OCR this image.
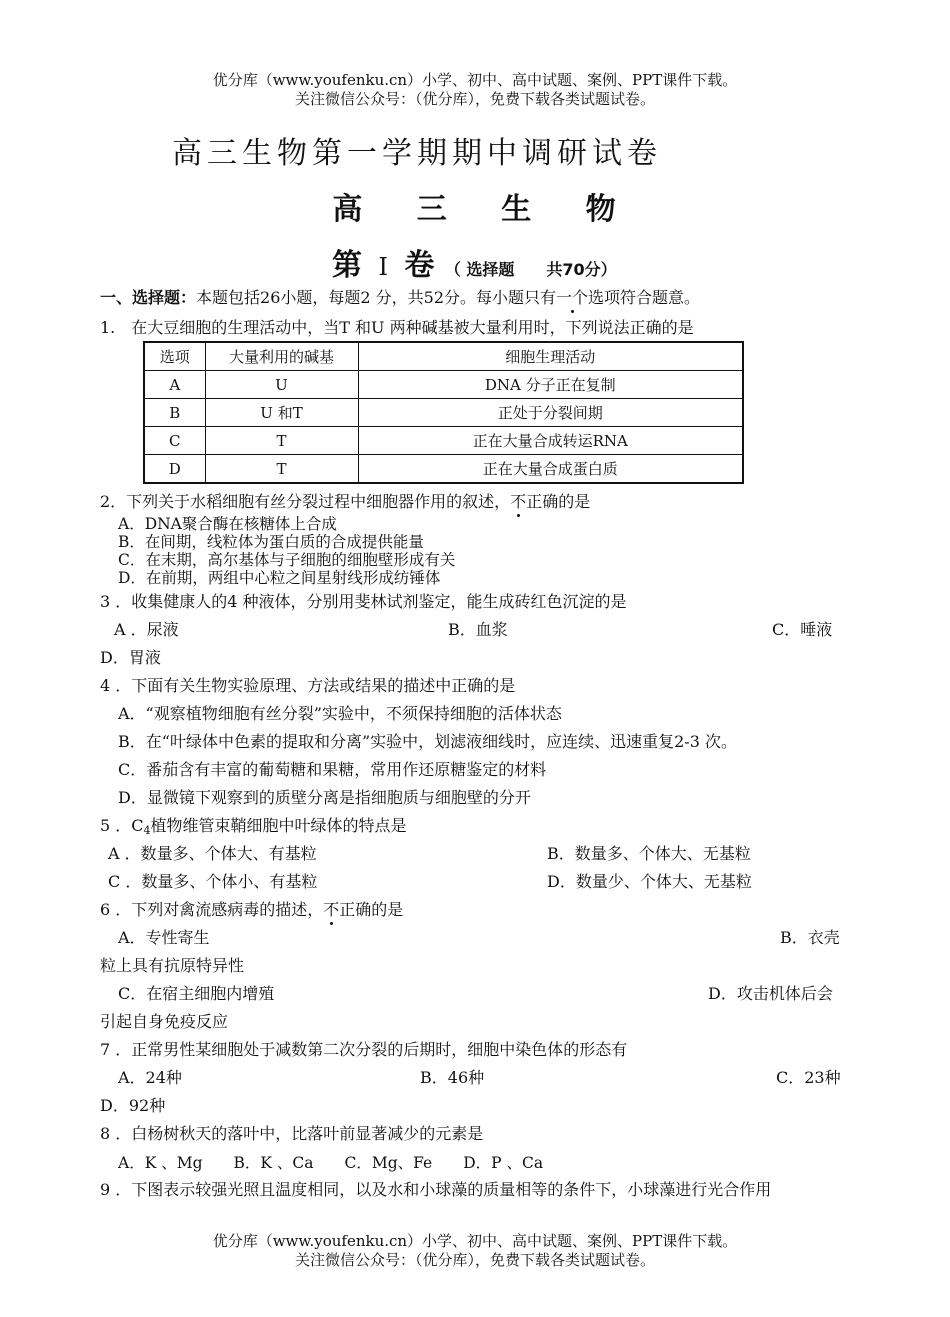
优分库（www.youfenku.cn）小学、初中、高中试题、案例、PPT课件下载。
关注微信公众号：（优分库），免费下载各类试题试卷。
高三生物第一学期期中调研试卷
高 三 生 物
第 Ⅰ 卷 （ 选择题　　共70分）
一、选择题：本题包括26小题，每题2 分，共52分。每小题只有一个选项符合题意。
1.　在大豆细胞的生理活动中，当T 和U 两种碱基被大量利用时，下列说法正确的是
选项	大量利用的碱基	细胞生理活动
A	U	DNA 分子正在复制
B	U 和T	正处于分裂间期
C	T	正在大量合成转运RNA
D	T	正在大量合成蛋白质
2．下列关于水稻细胞有丝分裂过程中细胞器作用的叙述，不正确的是
A．DNA聚合酶在核糖体上合成
B．在间期，线粒体为蛋白质的合成提供能量
C．在末期，高尔基体与子细胞的细胞壁形成有关
D．在前期，两组中心粒之间星射线形成纺锤体
3 ．收集健康人的4 种液体，分别用斐林试剂鉴定，能生成砖红色沉淀的是
A ．尿液	B．血浆	C．唾液
D．胃液
4 ．下面有关生物实验原理、方法或结果的描述中正确的是
A．“观察植物细胞有丝分裂”实验中，不须保持细胞的活体状态
B．在“叶绿体中色素的提取和分离”实验中，划滤液细线时，应连续、迅速重复2-3 次。
C．番茄含有丰富的葡萄糖和果糖，常用作还原糖鉴定的材料
D．显微镜下观察到的质壁分离是指细胞质与细胞壁的分开
5 ．$C_4$植物维管束鞘细胞中叶绿体的特点是
A ．数量多、个体大、有基粒	B．数量多、个体大、无基粒
C ．数量多、个体小、有基粒	D．数量少、个体大、无基粒
6 ．下列对禽流感病毒的描述，不正确的是
A．专性寄生	B．衣壳
粒上具有抗原特异性
C．在宿主细胞内增殖	D．攻击机体后会
引起自身免疫反应
7 ．正常男性某细胞处于减数第二次分裂的后期时，细胞中染色体的形态有
A．24种	B．46种	C．23种
D．92种
8 ．白杨树秋天的落叶中，比落叶前显著减少的元素是
A．K 、Mg　　B．K 、Ca　　C．Mg、Fe　　D．P 、Ca
9 ．下图表示较强光照且温度相同，以及水和小球藻的质量相等的条件下，小球藻进行光合作用
优分库（www.youfenku.cn）小学、初中、高中试题、案例、PPT课件下载。
关注微信公众号：（优分库），免费下载各类试题试卷。
